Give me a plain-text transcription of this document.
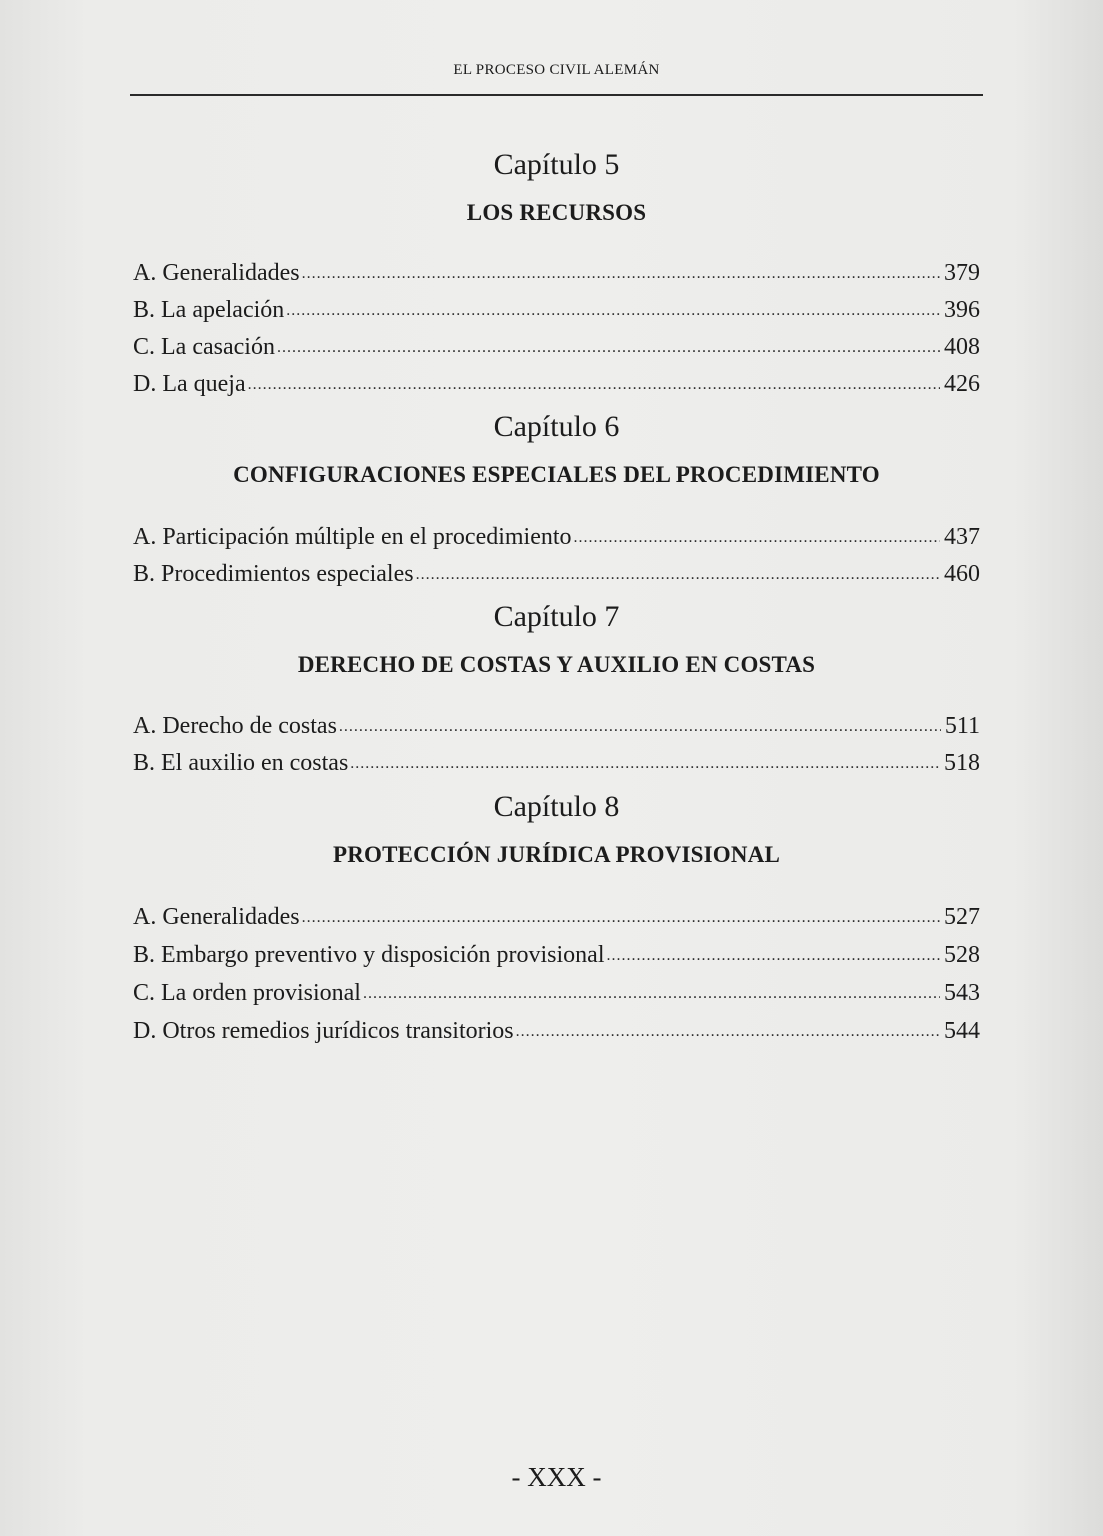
EL PROCESO CIVIL ALEMÁN
Capítulo 5
LOS RECURSOS
A. Generalidades .....	379
B. La apelación .....	396
C. La casación .....	408
D. La queja .....	426
Capítulo 6
CONFIGURACIONES ESPECIALES DEL PROCEDIMIENTO
A. Participación múltiple en el procedimiento .....	437
B. Procedimientos especiales .....	460
Capítulo 7
DERECHO DE COSTAS Y AUXILIO EN COSTAS
A. Derecho de costas .....	511
B. El auxilio en costas .....	518
Capítulo 8
PROTECCIÓN JURÍDICA PROVISIONAL
A. Generalidades .....	527
B. Embargo preventivo y disposición provisional .....	528
C. La orden provisional .....	543
D. Otros remedios jurídicos transitorios .....	544
- XXX -
